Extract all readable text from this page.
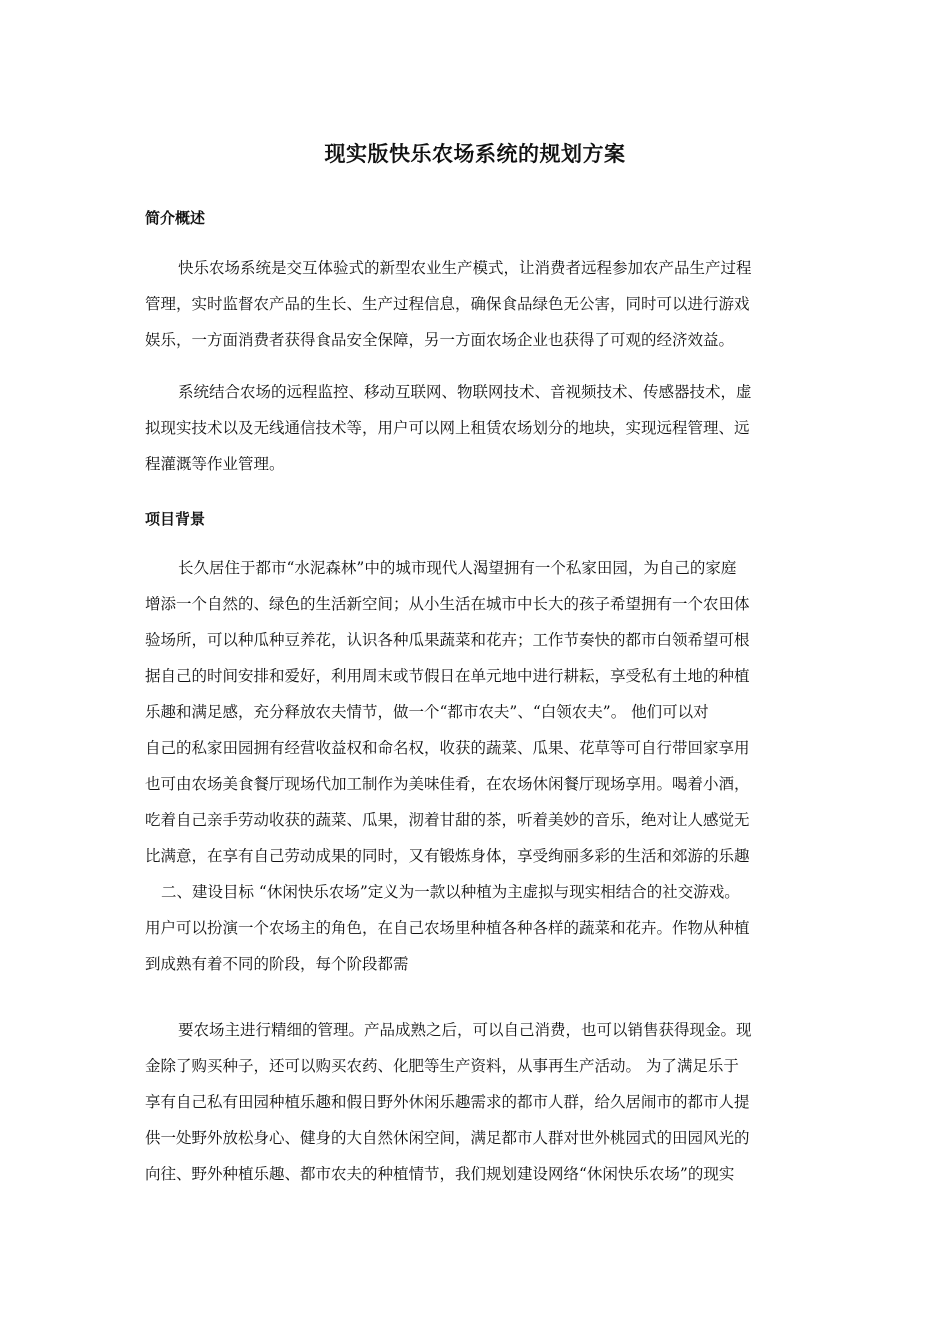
现实版快乐农场系统的规划方案
简介概述
快乐农场系统是交互体验式的新型农业生产模式，让消费者远程参加农产品生产过程
管理，实时监督农产品的生长、生产过程信息，确保食品绿色无公害，同时可以进行游戏
娱乐，一方面消费者获得食品安全保障，另一方面农场企业也获得了可观的经济效益。
系统结合农场的远程监控、移动互联网、物联网技术、音视频技术、传感器技术，虚
拟现实技术以及无线通信技术等，用户可以网上租赁农场划分的地块，实现远程管理、远
程灌溉等作业管理。
项目背景
长久居住于都市“水泥森林”中的城市现代人渴望拥有一个私家田园，为自己的家庭
增添一个自然的、绿色的生活新空间；从小生活在城市中长大的孩子希望拥有一个农田体
验场所，可以种瓜种豆养花，认识各种瓜果蔬菜和花卉；工作节奏快的都市白领希望可根
据自己的时间安排和爱好，利用周末或节假日在单元地中进行耕耘，享受私有土地的种植
乐趣和满足感，充分释放农夫情节，做一个“都市农夫”、“白领农夫”。 他们可以对
自己的私家田园拥有经营收益权和命名权，收获的蔬菜、瓜果、花草等可自行带回家享用
也可由农场美食餐厅现场代加工制作为美味佳肴，在农场休闲餐厅现场享用。喝着小酒，
吃着自己亲手劳动收获的蔬菜、瓜果，沏着甘甜的茶，听着美妙的音乐，绝对让人感觉无
比满意，在享有自己劳动成果的同时，又有锻炼身体，享受绚丽多彩的生活和郊游的乐趣
二、建设目标 “休闲快乐农场”定义为一款以种植为主虚拟与现实相结合的社交游戏。
用户可以扮演一个农场主的角色，在自己农场里种植各种各样的蔬菜和花卉。作物从种植
到成熟有着不同的阶段，每个阶段都需
要农场主进行精细的管理。产品成熟之后，可以自己消费，也可以销售获得现金。现
金除了购买种子，还可以购买农药、化肥等生产资料，从事再生产活动。 为了满足乐于
享有自己私有田园种植乐趣和假日野外休闲乐趣需求的都市人群，给久居闹市的都市人提
供一处野外放松身心、健身的大自然休闲空间，满足都市人群对世外桃园式的田园风光的
向往、野外种植乐趣、都市农夫的种植情节，我们规划建设网络“休闲快乐农场”的现实
